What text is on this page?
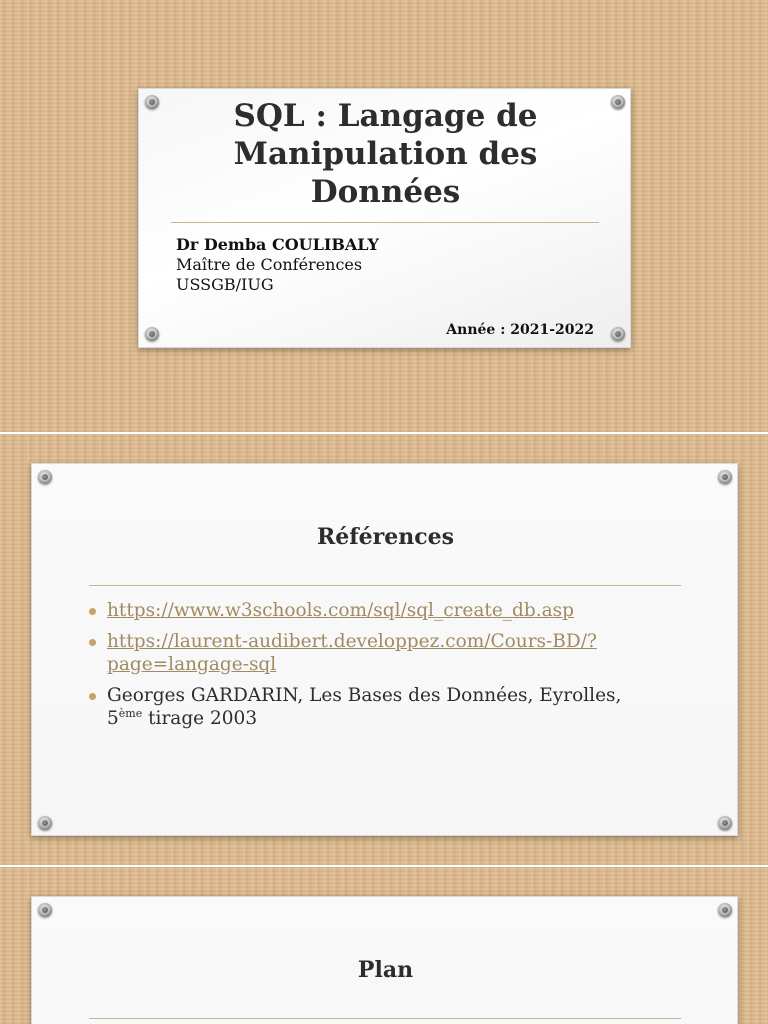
SQL : Langage de
Manipulation des
Données
Dr Demba COULIBALY
Maître de Conférences
USSGB/IUG
Année : 2021-2022
Références
https://www.w3schools.com/sql/sql_create_db.asp
https://laurent-audibert.developpez.com/Cours-BD/?
page=langage-sql
Georges GARDARIN, Les Bases des Données, Eyrolles,
5ème tirage 2003
Plan
